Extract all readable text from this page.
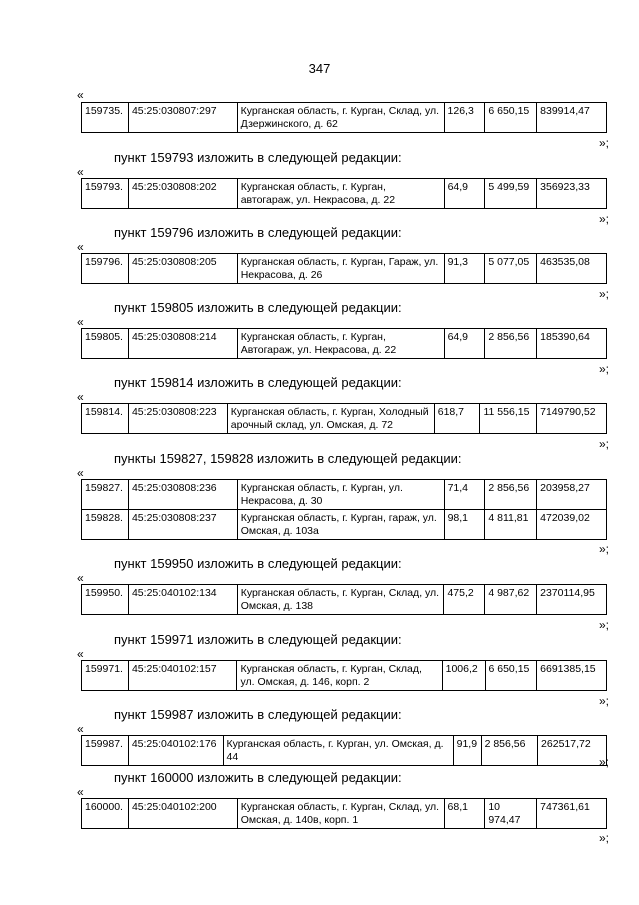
347
«
159735.	45:25:030807:297	Курганская область, г. Курган, Склад, ул. Дзержинского, д. 62	126,3	6 650,15	839914,47
»;
пункт 159793 изложить в следующей редакции:
«
159793.	45:25:030808:202	Курганская область, г. Курган, автогараж, ул. Некрасова, д. 22	64,9	5 499,59	356923,33
»;
пункт 159796 изложить в следующей редакции:
«
159796.	45:25:030808:205	Курганская область, г. Курган, Гараж, ул. Некрасова, д. 26	91,3	5 077,05	463535,08
»;
пункт 159805 изложить в следующей редакции:
«
159805.	45:25:030808:214	Курганская область, г. Курган, Автогараж, ул. Некрасова, д. 22	64,9	2 856,56	185390,64
»;
пункт 159814 изложить в следующей редакции:
«
159814.	45:25:030808:223	Курганская область, г. Курган, Холодный арочный склад, ул. Омская, д. 72	618,7	11 556,15	7149790,52
»;
пункты 159827, 159828 изложить в следующей редакции:
«
159827.	45:25:030808:236	Курганская область, г. Курган, ул. Некрасова, д. 30	71,4	2 856,56	203958,27
159828.	45:25:030808:237	Курганская область, г. Курган, гараж, ул. Омская, д. 103а	98,1	4 811,81	472039,02
»;
пункт 159950 изложить в следующей редакции:
«
159950.	45:25:040102:134	Курганская область, г. Курган, Склад, ул. Омская, д. 138	475,2	4 987,62	2370114,95
»;
пункт 159971 изложить в следующей редакции:
«
159971.	45:25:040102:157	Курганская область, г. Курган, Склад, ул. Омская, д. 146, корп. 2	1006,2	6 650,15	6691385,15
»;
пункт 159987 изложить в следующей редакции:
«
159987.	45:25:040102:176	Курганская область, г. Курган, ул. Омская, д. 44	91,9	2 856,56	262517,72
»;
пункт 160000 изложить в следующей редакции:
«
160000.	45:25:040102:200	Курганская область, г. Курган, Склад, ул. Омская, д. 140в, корп. 1	68,1	10 974,47	747361,61
»;
